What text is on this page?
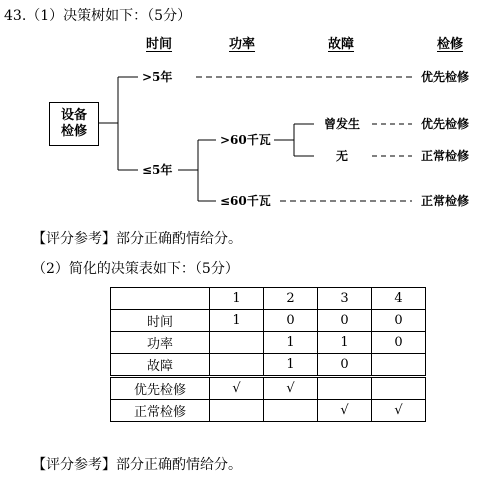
43.（1）决策树如下：（5分）
时间	功率	故障	检修
设备
检修
>5年
≤5年
>60千瓦
≤60千瓦
曾发生
无
优先检修
优先检修
正常检修
正常检修
【评分参考】部分正确酌情给分。
（2）简化的决策表如下：（5分）
	1	2	3	4
时间	1	0	0	0
功率		1	1	0
故障		1	0	
优先检修	√	√		
正常检修			√	√
【评分参考】部分正确酌情给分。
